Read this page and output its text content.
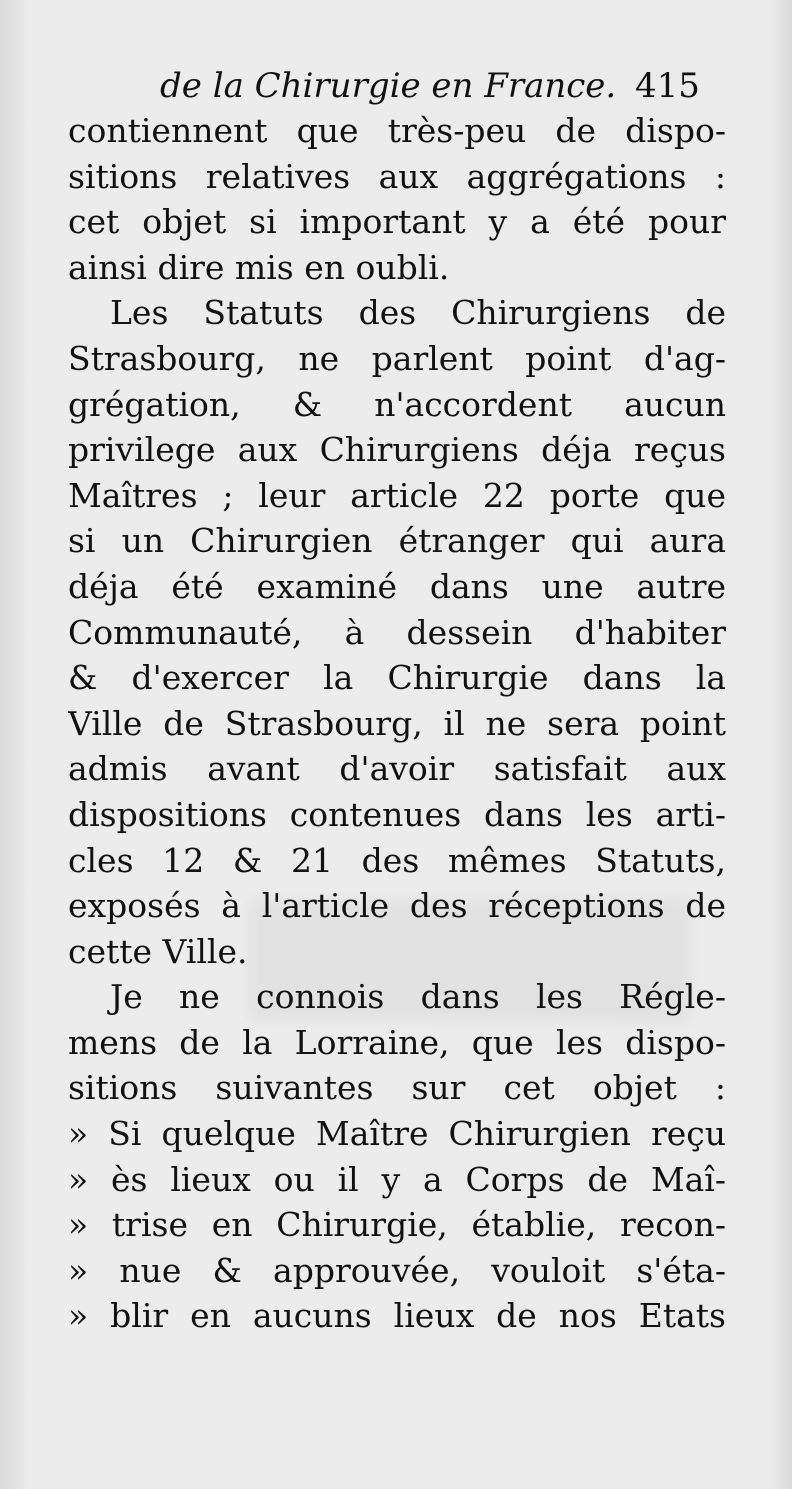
de la Chirurgie en France. 415
contiennent que très-peu de dispo-
sitions relatives aux aggrégations :
cet objet si important y a été pour
ainsi dire mis en oubli.
Les Statuts des Chirurgiens de
Strasbourg, ne parlent point d'ag-
grégation, & n'accordent aucun
privilege aux Chirurgiens déja reçus
Maîtres ; leur article 22 porte que
si un Chirurgien étranger qui aura
déja été examiné dans une autre
Communauté, à dessein d'habiter
& d'exercer la Chirurgie dans la
Ville de Strasbourg, il ne sera point
admis avant d'avoir satisfait aux
dispositions contenues dans les arti-
cles 12 & 21 des mêmes Statuts,
exposés à l'article des réceptions de
cette Ville.
Je ne connois dans les Régle-
mens de la Lorraine, que les dispo-
sitions suivantes sur cet objet :
» Si quelque Maître Chirurgien reçu
» ès lieux ou il y a Corps de Maî-
» trise en Chirurgie, établie, recon-
» nue & approuvée, vouloit s'éta-
» blir en aucuns lieux de nos Etats
